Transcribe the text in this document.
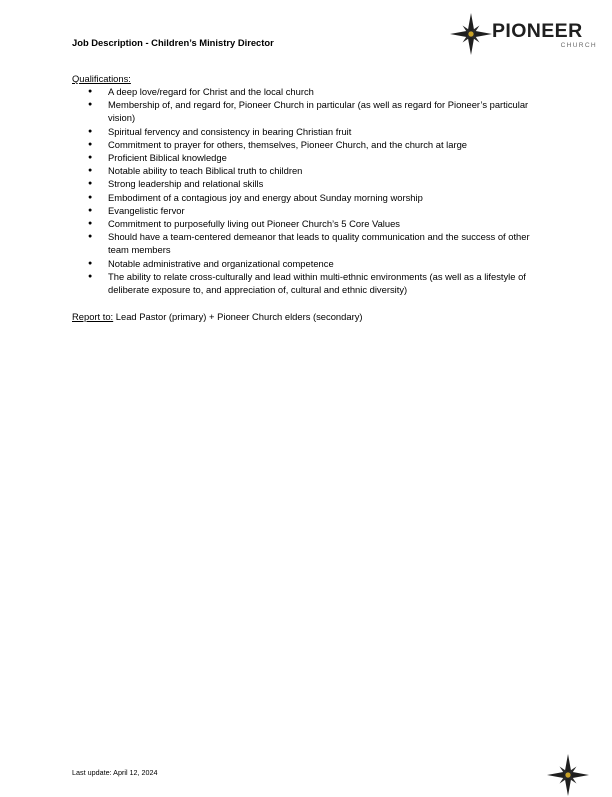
Job Description - Children’s Ministry Director
PIONEER
CHURCH
Qualifications:
● A deep love/regard for Christ and the local church
● Membership of, and regard for, Pioneer Church in particular (as well as regard for Pioneer’s particular vision)
● Spiritual fervency and consistency in bearing Christian fruit
● Commitment to prayer for others, themselves, Pioneer Church, and the church at large
● Proficient Biblical knowledge
● Notable ability to teach Biblical truth to children
● Strong leadership and relational skills
● Embodiment of a contagious joy and energy about Sunday morning worship
● Evangelistic fervor
● Commitment to purposefully living out Pioneer Church’s 5 Core Values
● Should have a team-centered demeanor that leads to quality communication and the success of other team members
● Notable administrative and organizational competence
● The ability to relate cross-culturally and lead within multi-ethnic environments (as well as a lifestyle of deliberate exposure to, and appreciation of, cultural and ethnic diversity)
Report to: Lead Pastor (primary) + Pioneer Church elders (secondary)
Last update: April 12, 2024
